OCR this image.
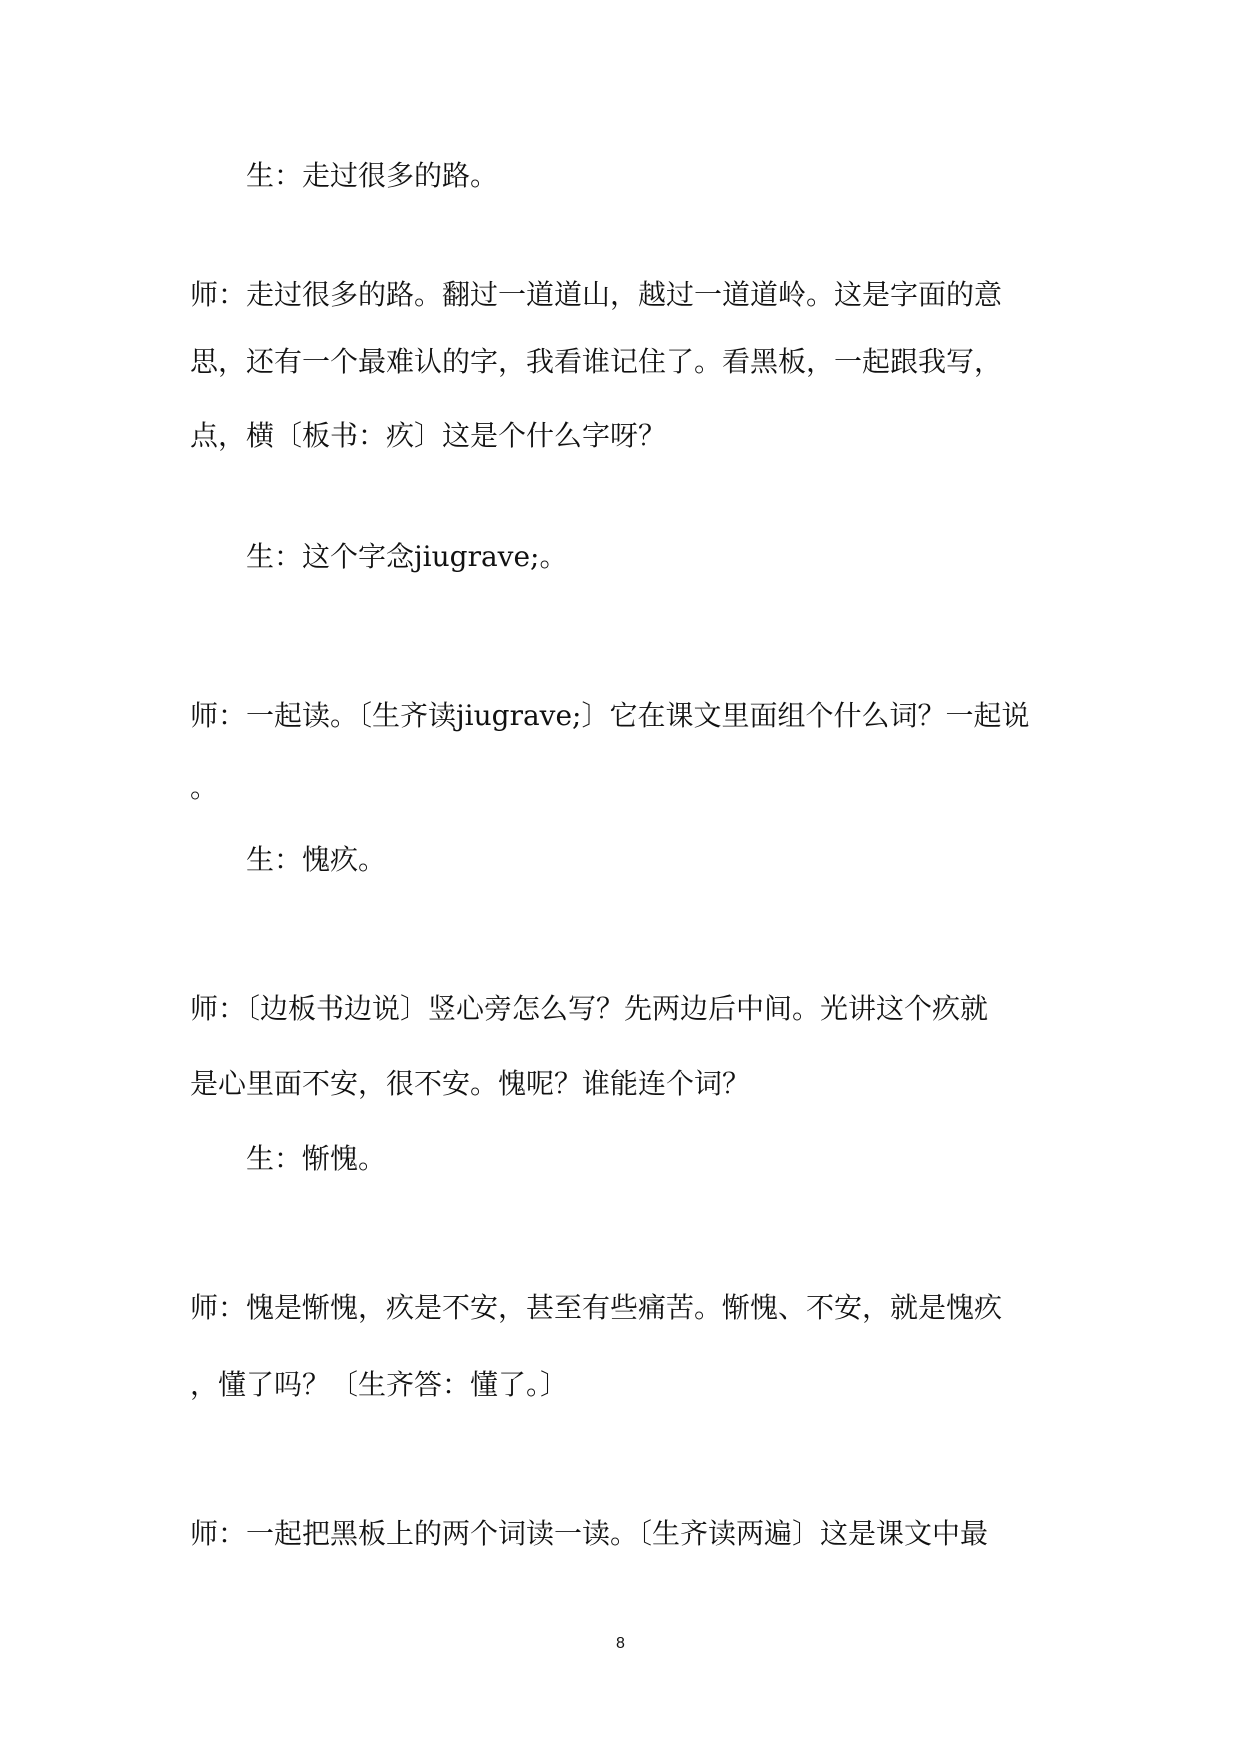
生：走过很多的路。
师：走过很多的路。翻过一道道山，越过一道道岭。这是字面的意
思，还有一个最难认的字，我看谁记住了。看黑板，一起跟我写，
点，横〔板书：疚〕这是个什么字呀？
生：这个字念jiugrave;。
师：一起读。〔生齐读jiugrave;〕它在课文里面组个什么词？一起说
。
生：愧疚。
师：〔边板书边说〕竖心旁怎么写？先两边后中间。光讲这个疚就
是心里面不安，很不安。愧呢？谁能连个词？
生：惭愧。
师：愧是惭愧，疚是不安，甚至有些痛苦。惭愧、不安，就是愧疚
，懂了吗？〔生齐答：懂了。〕
师：一起把黑板上的两个词读一读。〔生齐读两遍〕这是课文中最
8
